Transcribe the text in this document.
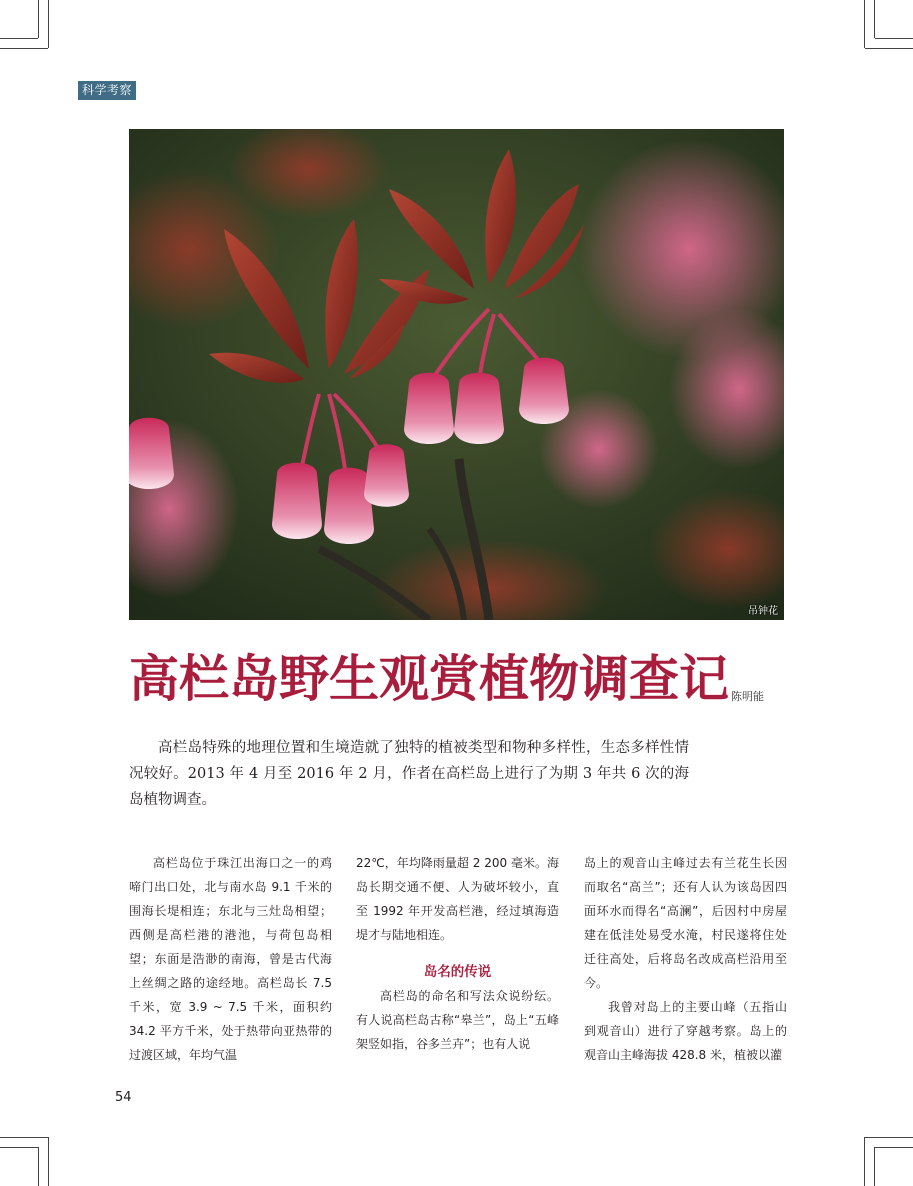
科学考察
吊钟花
高栏岛野生观赏植物调查记 陈明能

高栏岛特殊的地理位置和生境造就了独特的植被类型和物种多样性，生态多样性情况较好。2013 年 4 月至 2016 年 2 月，作者在高栏岛上进行了为期 3 年共 6 次的海岛植物调查。

高栏岛位于珠江出海口之一的鸡啼门出口处，北与南水岛 9.1 千米的围海长堤相连；东北与三灶岛相望；西侧是高栏港的港池，与荷包岛相望；东面是浩渺的南海，曾是古代海上丝绸之路的途经地。高栏岛长 7.5 千米，宽 3.9 ~ 7.5 千米，面积约 34.2 平方千米，处于热带向亚热带的过渡区域，年均气温

22℃，年均降雨量超 2 200 毫米。海岛长期交通不便、人为破坏较小，直至 1992 年开发高栏港，经过填海造堤才与陆地相连。

岛名的传说

高栏岛的命名和写法众说纷纭。有人说高栏岛古称“皋兰”，岛上“五峰架竖如指，谷多兰卉”；也有人说

岛上的观音山主峰过去有兰花生长因而取名“高兰”；还有人认为该岛因四面环水而得名“高澜”，后因村中房屋建在低洼处易受水淹，村民遂将住处迁往高处，后将岛名改成高栏沿用至今。

我曾对岛上的主要山峰（五指山到观音山）进行了穿越考察。岛上的观音山主峰海拔 428.8 米，植被以灌

54
